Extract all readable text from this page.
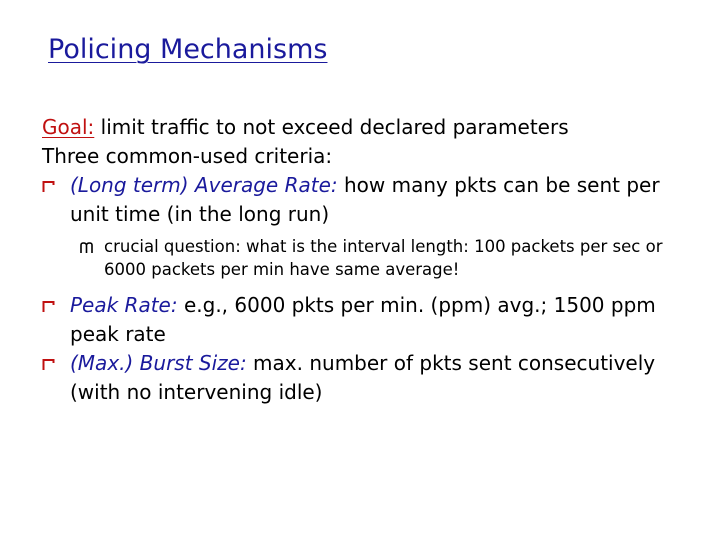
Policing Mechanisms
Goal: limit traffic to not exceed declared parameters
Three common-used criteria:
(Long term) Average Rate: how many pkts can be sent per unit time (in the long run)
crucial question: what is the interval length: 100 packets per sec or 6000 packets per min have same average!
Peak Rate: e.g., 6000 pkts per min. (ppm) avg.; 1500 ppm peak rate
(Max.) Burst Size: max. number of pkts sent consecutively (with no intervening idle)
